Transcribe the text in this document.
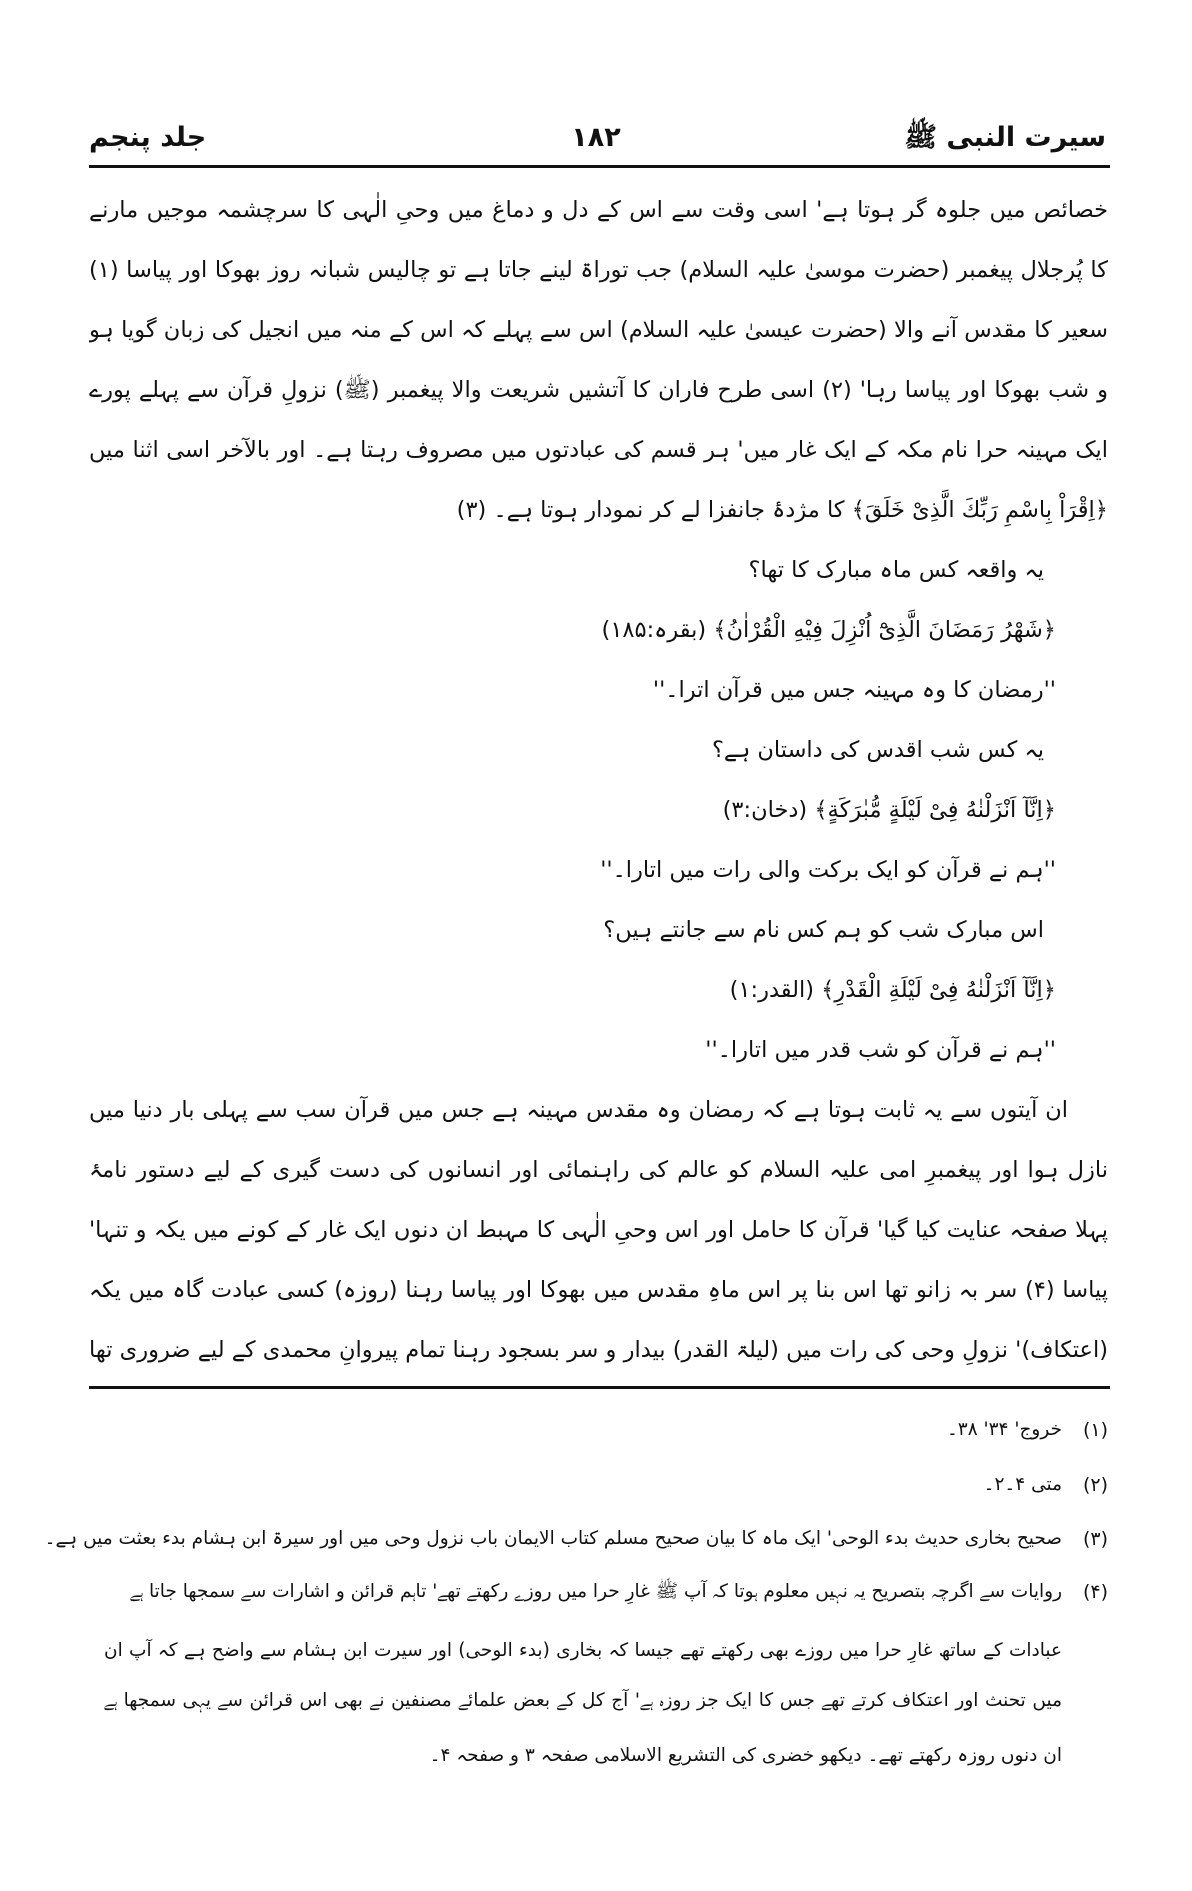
سیرت النبی ﷺ
۱۸۲
جلد پنجم
خصائص میں جلوہ گر ہوتا ہے' اسی وقت سے اس کے دل و دماغ میں وحیِ الٰہی کا سرچشمہ موجیں مارنے
کا پُرجلال پیغمبر (حضرت موسیٰ علیہ السلام) جب توراۃ لینے جاتا ہے تو چالیس شبانہ روز بھوکا اور پیاسا (۱)
سعیر کا مقدس آنے والا (حضرت عیسیٰ علیہ السلام) اس سے پہلے کہ اس کے منہ میں انجیل کی زبان گویا ہو
و شب بھوکا اور پیاسا رہا' (۲) اسی طرح فاران کا آتشیں شریعت والا پیغمبر (ﷺ) نزولِ قرآن سے پہلے پورے
ایک مہینہ حرا نام مکہ کے ایک غار میں' ہر قسم کی عبادتوں میں مصروف رہتا ہے۔ اور بالآخر اسی اثنا میں
﴿اِقْرَاْ بِاسْمِ رَبِّكَ الَّذِىْ خَلَقَ﴾ کا مژدۂ جانفزا لے کر نمودار ہوتا ہے۔ (۳)
یہ واقعہ کس ماہ مبارک کا تھا؟
﴿شَهْرُ رَمَضَانَ الَّذِىْٓ اُنْزِلَ فِيْهِ الْقُرْاٰنُ﴾ (بقرہ:۱۸۵)
''رمضان کا وہ مہینہ جس میں قرآن اترا۔''
یہ کس شب اقدس کی داستان ہے؟
﴿اِنَّآ اَنْزَلْنٰهُ فِىْ لَيْلَةٍ مُّبٰرَكَةٍ﴾ (دخان:۳)
''ہم نے قرآن کو ایک برکت والی رات میں اتارا۔''
اس مبارک شب کو ہم کس نام سے جانتے ہیں؟
﴿اِنَّآ اَنْزَلْنٰهُ فِىْ لَيْلَةِ الْقَدْرِ﴾ (القدر:۱)
''ہم نے قرآن کو شب قدر میں اتارا۔''
ان آیتوں سے یہ ثابت ہوتا ہے کہ رمضان وہ مقدس مہینہ ہے جس میں قرآن سب سے پہلی بار دنیا میں
نازل ہوا اور پیغمبرِ امی علیہ السلام کو عالم کی راہنمائی اور انسانوں کی دست گیری کے لیے دستور نامۂ
پہلا صفحہ عنایت کیا گیا' قرآن کا حامل اور اس وحیِ الٰہی کا مہبط ان دنوں ایک غار کے کونے میں یکہ و تنہا'
پیاسا (۴) سر بہ زانو تھا اس بنا پر اس ماہِ مقدس میں بھوکا اور پیاسا رہنا (روزہ) کسی عبادت گاہ میں یکہ
(اعتکاف)' نزولِ وحی کی رات میں (لیلۃ القدر) بیدار و سر بسجود رہنا تمام پیروانِ محمدی کے لیے ضروری تھا
(۱)
خروج' ۳۴' ۳۸۔
(۲)
متی ۴۔۲۔
(۳)
صحیح بخاری حدیث بدء الوحی' ایک ماہ کا بیان صحیح مسلم کتاب الایمان باب نزول وحی میں اور سیرۃ ابن ہشام بدء بعثت میں ہے۔
(۴)
روایات سے اگرچہ بتصریح یہ نہیں معلوم ہوتا کہ آپ ﷺ غارِ حرا میں روزے رکھتے تھے' تاہم قرائن و اشارات سے سمجھا جاتا ہے
عبادات کے ساتھ غارِ حرا میں روزے بھی رکھتے تھے جیسا کہ بخاری (بدء الوحی) اور سیرت ابن ہشام سے واضح ہے کہ آپ ان
میں تحنث اور اعتکاف کرتے تھے جس کا ایک جز روزہ ہے' آج کل کے بعض علمائے مصنفین نے بھی اس قرائن سے یہی سمجھا ہے
ان دنوں روزہ رکھتے تھے۔ دیکھو خضری کی التشریع الاسلامی صفحہ ۳ و صفحہ ۴۔
